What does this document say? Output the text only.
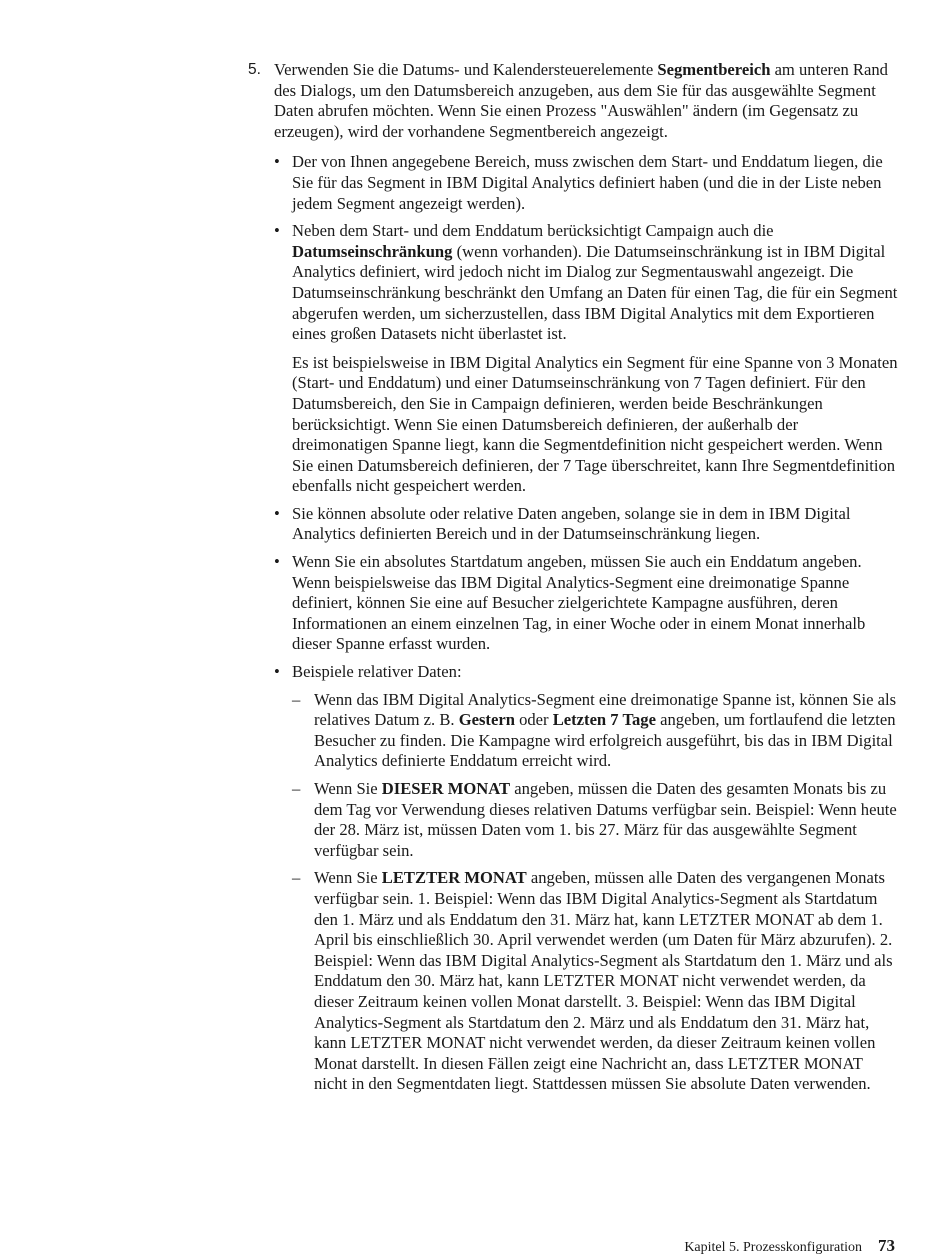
5. Verwenden Sie die Datums- und Kalendersteuerelemente Segmentbereich am unteren Rand des Dialogs, um den Datumsbereich anzugeben, aus dem Sie für das ausgewählte Segment Daten abrufen möchten. Wenn Sie einen Prozess "Auswählen" ändern (im Gegensatz zu erzeugen), wird der vorhandene Segmentbereich angezeigt.

• Der von Ihnen angegebene Bereich, muss zwischen dem Start- und Enddatum liegen, die Sie für das Segment in IBM Digital Analytics definiert haben (und die in der Liste neben jedem Segment angezeigt werden).

• Neben dem Start- und dem Enddatum berücksichtigt Campaign auch die Datumseinschränkung (wenn vorhanden). Die Datumseinschränkung ist in IBM Digital Analytics definiert, wird jedoch nicht im Dialog zur Segmentauswahl angezeigt. Die Datumseinschränkung beschränkt den Umfang an Daten für einen Tag, die für ein Segment abgerufen werden, um sicherzustellen, dass IBM Digital Analytics mit dem Exportieren eines großen Datasets nicht überlastet ist.

Es ist beispielsweise in IBM Digital Analytics ein Segment für eine Spanne von 3 Monaten (Start- und Enddatum) und einer Datumseinschränkung von 7 Tagen definiert. Für den Datumsbereich, den Sie in Campaign definieren, werden beide Beschränkungen berücksichtigt. Wenn Sie einen Datumsbereich definieren, der außerhalb der dreimonatigen Spanne liegt, kann die Segmentdefinition nicht gespeichert werden. Wenn Sie einen Datumsbereich definieren, der 7 Tage überschreitet, kann Ihre Segmentdefinition ebenfalls nicht gespeichert werden.

• Sie können absolute oder relative Daten angeben, solange sie in dem in IBM Digital Analytics definierten Bereich und in der Datumseinschränkung liegen.

• Wenn Sie ein absolutes Startdatum angeben, müssen Sie auch ein Enddatum angeben. Wenn beispielsweise das IBM Digital Analytics-Segment eine dreimonatige Spanne definiert, können Sie eine auf Besucher zielgerichtete Kampagne ausführen, deren Informationen an einem einzelnen Tag, in einer Woche oder in einem Monat innerhalb dieser Spanne erfasst wurden.

• Beispiele relativer Daten:

– Wenn das IBM Digital Analytics-Segment eine dreimonatige Spanne ist, können Sie als relatives Datum z. B. Gestern oder Letzten 7 Tage angeben, um fortlaufend die letzten Besucher zu finden. Die Kampagne wird erfolgreich ausgeführt, bis das in IBM Digital Analytics definierte Enddatum erreicht wird.

– Wenn Sie DIESER MONAT angeben, müssen die Daten des gesamten Monats bis zu dem Tag vor Verwendung dieses relativen Datums verfügbar sein. Beispiel: Wenn heute der 28. März ist, müssen Daten vom 1. bis 27. März für das ausgewählte Segment verfügbar sein.

– Wenn Sie LETZTER MONAT angeben, müssen alle Daten des vergangenen Monats verfügbar sein. 1. Beispiel: Wenn das IBM Digital Analytics-Segment als Startdatum den 1. März und als Enddatum den 31. März hat, kann LETZTER MONAT ab dem 1. April bis einschließlich 30. April verwendet werden (um Daten für März abzurufen). 2. Beispiel: Wenn das IBM Digital Analytics-Segment als Startdatum den 1. März und als Enddatum den 30. März hat, kann LETZTER MONAT nicht verwendet werden, da dieser Zeitraum keinen vollen Monat darstellt. 3. Beispiel: Wenn das IBM Digital Analytics-Segment als Startdatum den 2. März und als Enddatum den 31. März hat, kann LETZTER MONAT nicht verwendet werden, da dieser Zeitraum keinen vollen Monat darstellt. In diesen Fällen zeigt eine Nachricht an, dass LETZTER MONAT nicht in den Segmentdaten liegt. Stattdessen müssen Sie absolute Daten verwenden.

Kapitel 5. Prozesskonfiguration 73
